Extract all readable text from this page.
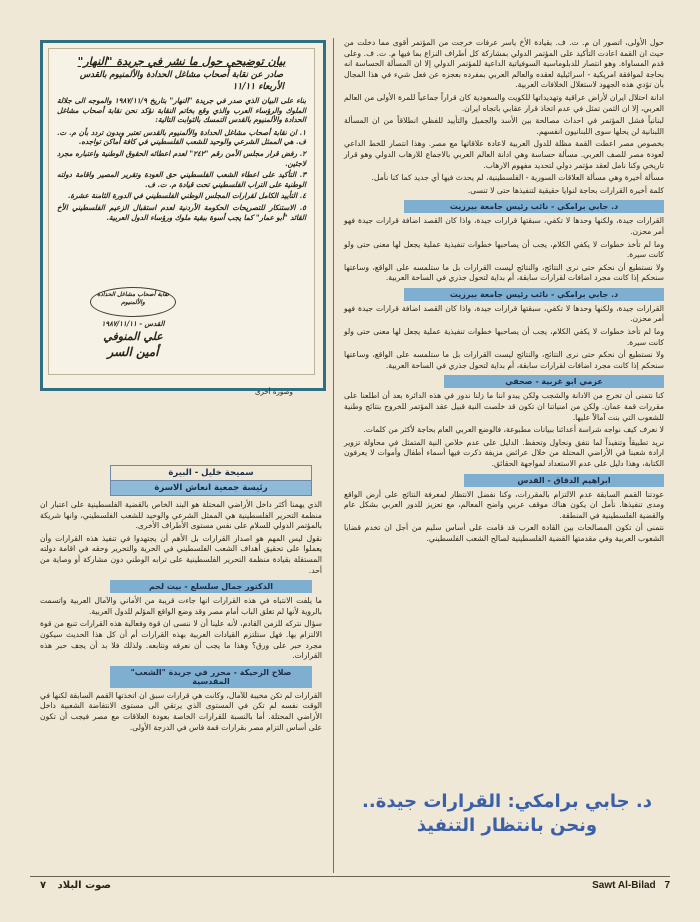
بيان توضيحي حول ما نشر في جريدة "النهار"
صادر عن نقابة أصحاب مشاغل الحدادة والألمنيوم بالقدس
الأربعاء ١١/١١
بناء على البيان الذي صدر في جريدة "النهار" بتاريخ ١٩٨٧/١١/٩ والموجه الى جلالة الملوك والرؤساء العرب والذي وقع بخاتم النقابة نؤكد نحن نقابة أصحاب مشاغل الحدادة والألمنيوم بالقدس التمسك بالثوابت التالية:
١. ان نقابة أصحاب مشاغل الحدادة والألمنيوم بالقدس تعتبر وبدون تردد بأن م. ت. ف. هي الممثل الشرعي والوحيد للشعب الفلسطيني في كافة أماكن تواجده.
٢. رفض قرار مجلس الأمن رقم "٢٤٢" لعدم اعطائه الحقوق الوطنية واعتباره مجرد لاجئين.
٣. التأكيد على اعطاء الشعب الفلسطيني حق العودة وتقرير المصير واقامة دولته الوطنية على التراب الفلسطيني تحت قيادة م. ت. ف.
٤. التأييد الكامل لقرارات المجلس الوطني الفلسطيني في الدورة الثامنة عشرة.
٥. الاستنكار للتصريحات الحكومة الأردنية لعدم استقبال الزعيم الفلسطيني الأخ القائد "أبو عمار" كما يجب أسوة ببقية ملوك ورؤساء الدول العربية.
نقابة أصحاب مشاغل الحدادة والألمنيوم
القدس - ١٩٨٧/١١/١١
علي المنوفي
أمين السر
وصورة أخرى
سميحة خليل - البيرة
رئيسة جمعية انعاش الاسرة

الذي يهمنا أكثر داخل الأراضي المحتلة هو البند الخاص بالقضية الفلسطينية على اعتبار ان منظمة التحرير الفلسطينية هي الممثل الشرعي والوحيد للشعب الفلسطيني، وانها شريكة بالمؤتمر الدولي للسلام على نفس مستوى الأطراف الأخرى.

نقول ليس المهم هو اصدار القرارات بل الأهم أن يجتهدوا في تنفيذ هذه القرارات وأن يعملوا على تحقيق أهداف الشعب الفلسطيني في الحرية والتحرير وحقه في اقامة دولته المستقلة بقيادة منظمة التحرير الفلسطينية على ترابه الوطني دون مشاركة أو وصاية من أحد.

الدكتور جمال سلسلع - بيت لحم

ما يلفت الانتباه في هذه القرارات انها جاءت قريبة من الأماني والآمال العربية واتسمت بالروية لأنها لم تغلق الباب أمام مصر وقد وضع الواقع المؤلم للدول العربية.

سؤال نتركه للزمن القادم، لأنه علينا أن لا ننسى ان قوة وفعالية هذه القرارات تنبع من قوة الالتزام بها. فهل ستلتزم القيادات العربية بهذه القرارات أم أن كل هذا الحديث سيكون مجرد حبر على ورق؟ وهذا ما يجب أن نعرفه ونتابعه. ولذلك فلا بد أن يجف حبر هذه القرارات.

صلاح الزحيكة - محرر في جريدة "الشعب" المقدسية

القرارات لم تكن مخيبة للآمال، وكانت هي قرارات سبق ان اتخذتها القمم السابقة لكنها في الوقت نفسه لم تكن في المستوى الذي يرتقي الى مستوى الانتفاضة الشعبية داخل الأراضي المحتلة. أما بالنسبة للقرارات الخاصة بعودة العلاقات مع مصر فيجب أن تكون على أساس التزام مصر بقرارات قمة فاس في الدرجة الأولى.

حول الأولى، اتصور ان م. ت. ف. بقيادة الأخ ياسر عرفات خرجت من المؤتمر أقوى مما دخلت من حيث ان القمة اعادت التأكيد على المؤتمر الدولي بمشاركة كل أطراف النزاع بما فيها م. ت. ف. وعلى قدم المساواة. وهو انتصار للدبلوماسية السوفياتية الداعية للمؤتمر الدولي إلا ان المسألة الحساسة انه بحاجة لموافقة امريكية - اسرائيلية لعقده والعالم العربي بمفرده بعجزه عن فعل شيء في هذا المجال بأن تؤدي هذه الجهود لاستغلال الخلافات العربية.

ادانة احتلال ايران لأراض عراقية وتهديداتها للكويت والسعودية كان قراراً جماعياً للمرة الأولى من العالم العربي، إلا ان الثمن تمثل في عدم اتخاذ قرار عقابي باتجاه ايران.

لبنانياً فشل المؤتمر في احداث مصالحة بين الأسد والجميل والتأييد للفظي انطلاقاً من ان المسألة اللبنانية لن يحلها سوى اللبنانيون انفسهم.

بخصوص مصر اعطت القمة مظلة للدول العربية لاعادة علاقاتها مع مصر. وهذا انتصار للخط الداعي لعودة مصر للصف العربي. مسألة حساسة وهي ادانة العالم العربي بالاجماع للارهاب الدولي وهو قرار تاريخي وكنا نامل لعقد مؤتمر دولي لتحديد مفهوم الارهاب.

مسألة أخيرة وهي مسألة العلاقات السورية - الفلسطينية، لم يحدث فيها أي جديد كما كنا نأمل.

كلمة أخيرة القرارات بحاجة لنوايا حقيقية لتنفيذها حتى لا تنسى.

د. جابي برامكي - نائب رئيس جامعة بيرزيت

القرارات جيدة، ولكنها وحدها لا تكفي، سبقتها قرارات جيدة، واذا كان القصد اضافة قرارات جيدة فهو أمر محزن.

وما لم تأخذ خطوات لا يكفي الكلام، يجب أن يصاحبها خطوات تنفيذية عملية يجعل لها معنى حتى ولو كانت سيرة.

ولا نستطيع أن نحكم حتى نرى النتائج، والنتائج ليست القرارات بل ما ستلمسه على الواقع، وساعتها سنحكم إذا كانت مجرد اضافات لقرارات سابقة، أم بداية لتحول جذري في الساحة العربية.

د. جابي برامكي - نائب رئيس جامعة بيرزيت

القرارات جيدة، ولكنها وحدها لا تكفي، سبقتها قرارات جيدة، واذا كان القصد اضافة قرارات جيدة فهو أمر محزن.

وما لم تأخذ خطوات لا يكفي الكلام، يجب أن يصاحبها خطوات تنفيذية عملية يجعل لها معنى حتى ولو كانت سيرة.

ولا نستطيع أن نحكم حتى نرى النتائج، والنتائج ليست القرارات بل ما ستلمسه على الواقع، وساعتها سنحكم إذا كانت مجرد اضافات لقرارات سابقة، أم بداية لتحول جذري في الساحة العربية.

عزمي ابو غربية - صحفي

كنا نتمنى أن تخرج من الادانة والشجب ولكن يبدو اننا ما زلنا ندور في هذه الدائرة بعد أن اطلعنا على مقررات قمة عمان. ولكن من امنياتنا ان تكون قد خلصت النية قبيل عقد المؤتمر للخروج بنتائج وطنية للشعوب التي بنت آمالاً عليها.

لا نعرف كيف نواجه شراسة أعدائنا ببيانات مطبوعة، فالوضع العربي العام بحاجة لأكثر من كلمات.

نريد تطبيقاً وتنفيذاً لما نتفق ونحاول وتحفظ. الدليل على عدم خلاص النية المتمثل في محاولة تزوير ارادة شعبنا في الأراضي المحتلة من خلال عرائض مزيفة ذكرت فيها أسماء أطفال وأموات لا يعرفون الكتابة، وهذا دليل على عدم الاستعداد لمواجهة الحقائق.

ابراهيم الدقاق - القدس

عودتنا القمم السابقة عدم الالتزام بالمقررات، وكنا نفضل الانتظار لمعرفة النتائج على أرض الواقع ومدى تنفيذها. نأمل ان يكون هناك موقف عربي واضح المعالم، مع تعزيز للدور العربي بشكل عام والقضية الفلسطينية في المنطقة.

نتمنى أن تكون المصالحات بين القادة العرب قد قامت على أساس سليم من أجل ان تخدم قضايا الشعوب العربية وفي مقدمتها القضية الفلسطينية لصالح الشعب الفلسطيني.

د. جابي برامكي: القرارات جيدة..
ونحن بانتظار التنفيذ
صوت البلاد ٧	Sawt Al-Bilad 7
